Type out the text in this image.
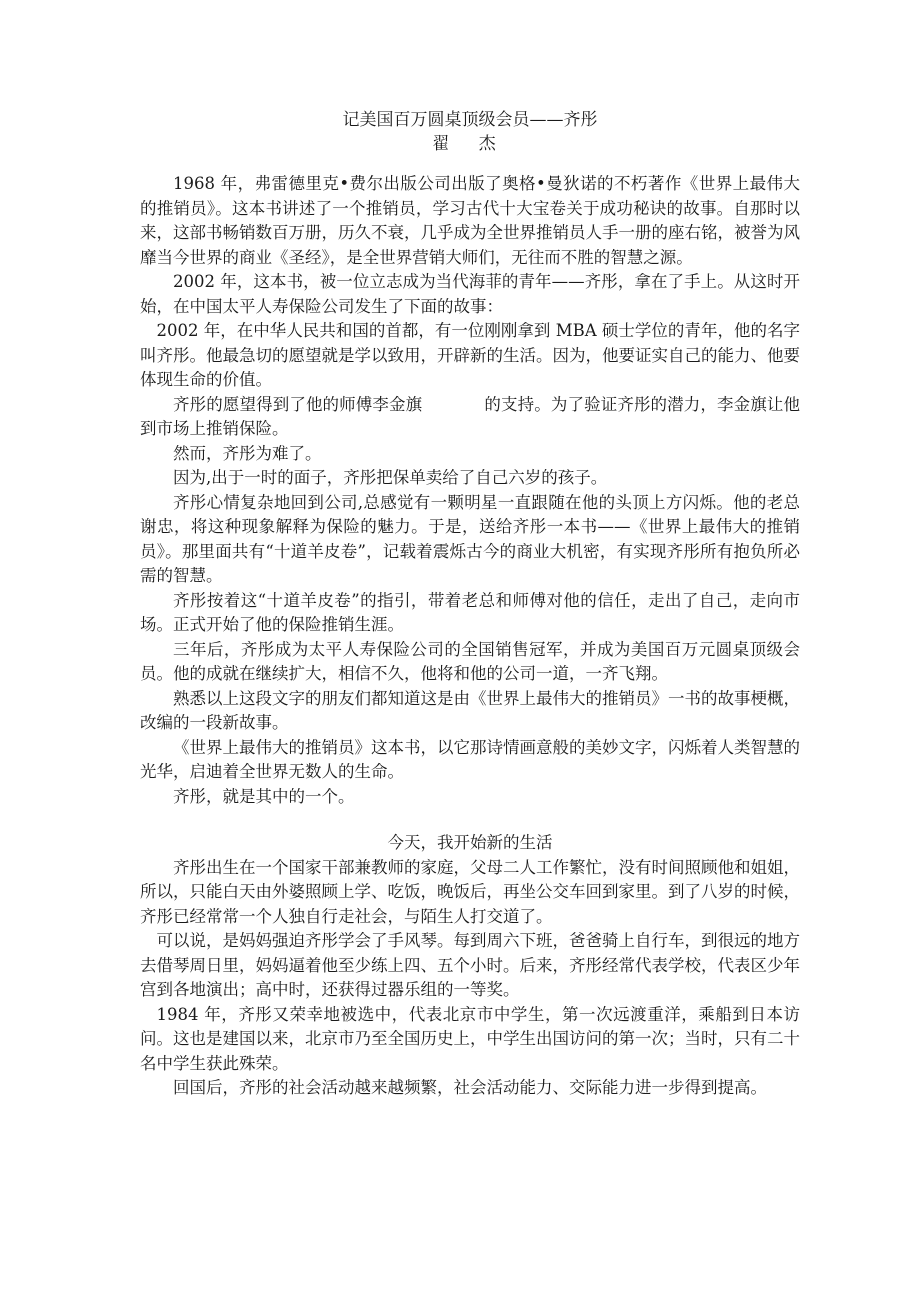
记美国百万圆桌顶级会员——齐彤

翟 杰

1968 年，弗雷德里克•费尔出版公司出版了奥格•曼狄诺的不朽著作《世界上最伟大的推销员》。这本书讲述了一个推销员，学习古代十大宝卷关于成功秘诀的故事。自那时以来，这部书畅销数百万册，历久不衰，几乎成为全世界推销员人手一册的座右铭，被誉为风靡当今世界的商业《圣经》，是全世界营销大师们，无往而不胜的智慧之源。

2002 年，这本书，被一位立志成为当代海菲的青年——齐彤，拿在了手上。从这时开始，在中国太平人寿保险公司发生了下面的故事：

2002 年，在中华人民共和国的首都，有一位刚刚拿到 MBA 硕士学位的青年，他的名字叫齐彤。他最急切的愿望就是学以致用，开辟新的生活。因为，他要证实自己的能力、他要体现生命的价值。

齐彤的愿望得到了他的师傅李金旗	的支持。为了验证齐彤的潜力，李金旗让他到市场上推销保险。

然而，齐彤为难了。

因为,出于一时的面子，齐彤把保单卖给了自己六岁的孩子。

齐彤心情复杂地回到公司,总感觉有一颗明星一直跟随在他的头顶上方闪烁。他的老总谢忠，将这种现象解释为保险的魅力。于是，送给齐彤一本书——《世界上最伟大的推销员》。那里面共有“十道羊皮卷”，记载着震烁古今的商业大机密，有实现齐彤所有抱负所必需的智慧。

齐彤按着这“十道羊皮卷”的指引，带着老总和师傅对他的信任，走出了自己，走向市场。正式开始了他的保险推销生涯。

三年后，齐彤成为太平人寿保险公司的全国销售冠军，并成为美国百万元圆桌顶级会员。他的成就在继续扩大，相信不久，他将和他的公司一道，一齐飞翔。

熟悉以上这段文字的朋友们都知道这是由《世界上最伟大的推销员》一书的故事梗概，改编的一段新故事。

《世界上最伟大的推销员》这本书，以它那诗情画意般的美妙文字，闪烁着人类智慧的光华，启迪着全世界无数人的生命。

齐彤，就是其中的一个。

今天，我开始新的生活

齐彤出生在一个国家干部兼教师的家庭，父母二人工作繁忙，没有时间照顾他和姐姐，所以，只能白天由外婆照顾上学、吃饭，晚饭后，再坐公交车回到家里。到了八岁的时候，齐彤已经常常一个人独自行走社会，与陌生人打交道了。

可以说，是妈妈强迫齐彤学会了手风琴。每到周六下班，爸爸骑上自行车，到很远的地方去借琴周日里，妈妈逼着他至少练上四、五个小时。后来，齐彤经常代表学校，代表区少年宫到各地演出；高中时，还获得过器乐组的一等奖。

1984 年，齐彤又荣幸地被选中，代表北京市中学生，第一次远渡重洋，乘船到日本访问。这也是建国以来，北京市乃至全国历史上，中学生出国访问的第一次；当时，只有二十名中学生获此殊荣。

回国后，齐彤的社会活动越来越频繁，社会活动能力、交际能力进一步得到提高。
